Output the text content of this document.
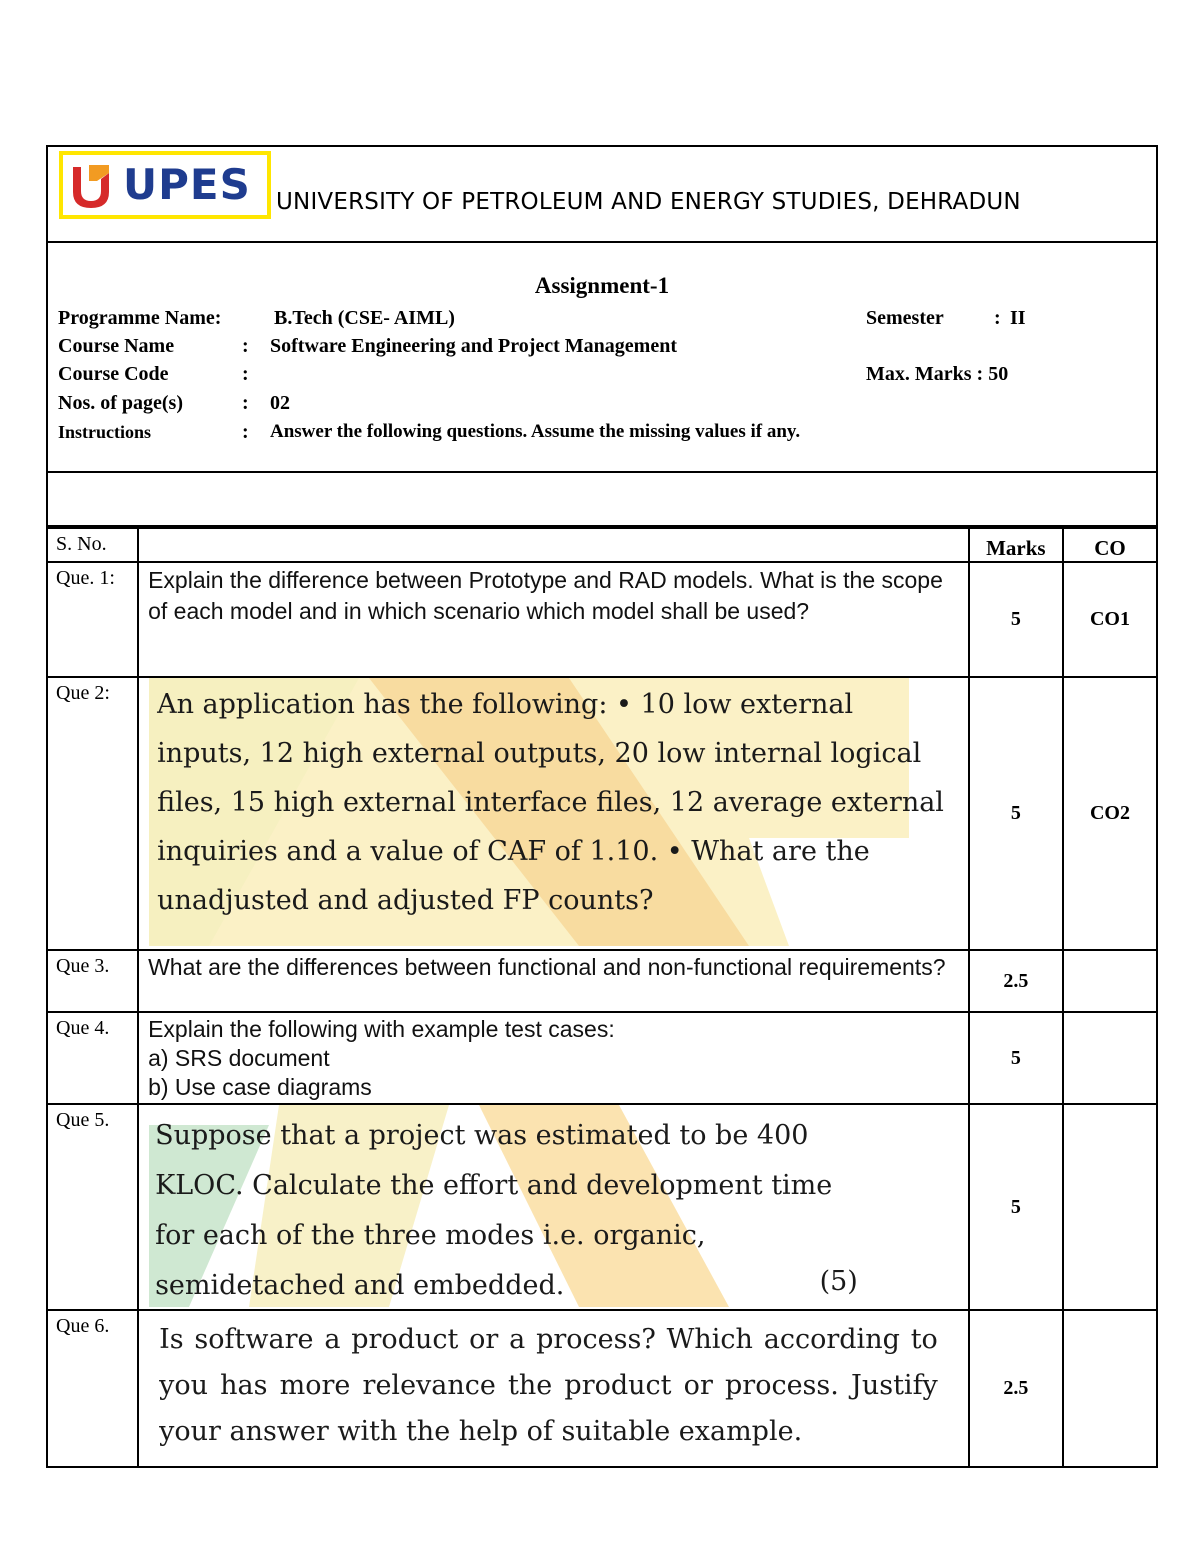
UPES UNIVERSITY OF PETROLEUM AND ENERGY STUDIES, DEHRADUN
Assignment-1
Programme Name:	B.Tech (CSE- AIML)
Course Name	: Software Engineering and Project Management
Course Code	:
Nos. of page(s)	: 02
Instructions	: Answer the following questions. Assume the missing values if any.
Semester	: II
Max. Marks : 50
S. No.		Marks	CO
Que. 1:	Explain the difference between Prototype and RAD models. What is the scope of each model and in which scenario which model shall be used?	5	CO1
Que 2:	An application has the following: • 10 low external inputs, 12 high external outputs, 20 low internal logical files, 15 high external interface files, 12 average external inquiries and a value of CAF of 1.10. • What are the unadjusted and adjusted FP counts?	5	CO2
Que 3.	What are the differences between functional and non-functional requirements?	2.5	
Que 4.	Explain the following with example test cases:
a) SRS document
b) Use case diagrams	5	
Que 5.	Suppose that a project was estimated to be 400 KLOC. Calculate the effort and development time for each of the three modes i.e. organic, semidetached and embedded. (5)	5	
Que 6.	Is software a product or a process? Which according to you has more relevance the product or process. Justify your answer with the help of suitable example.	2.5	
